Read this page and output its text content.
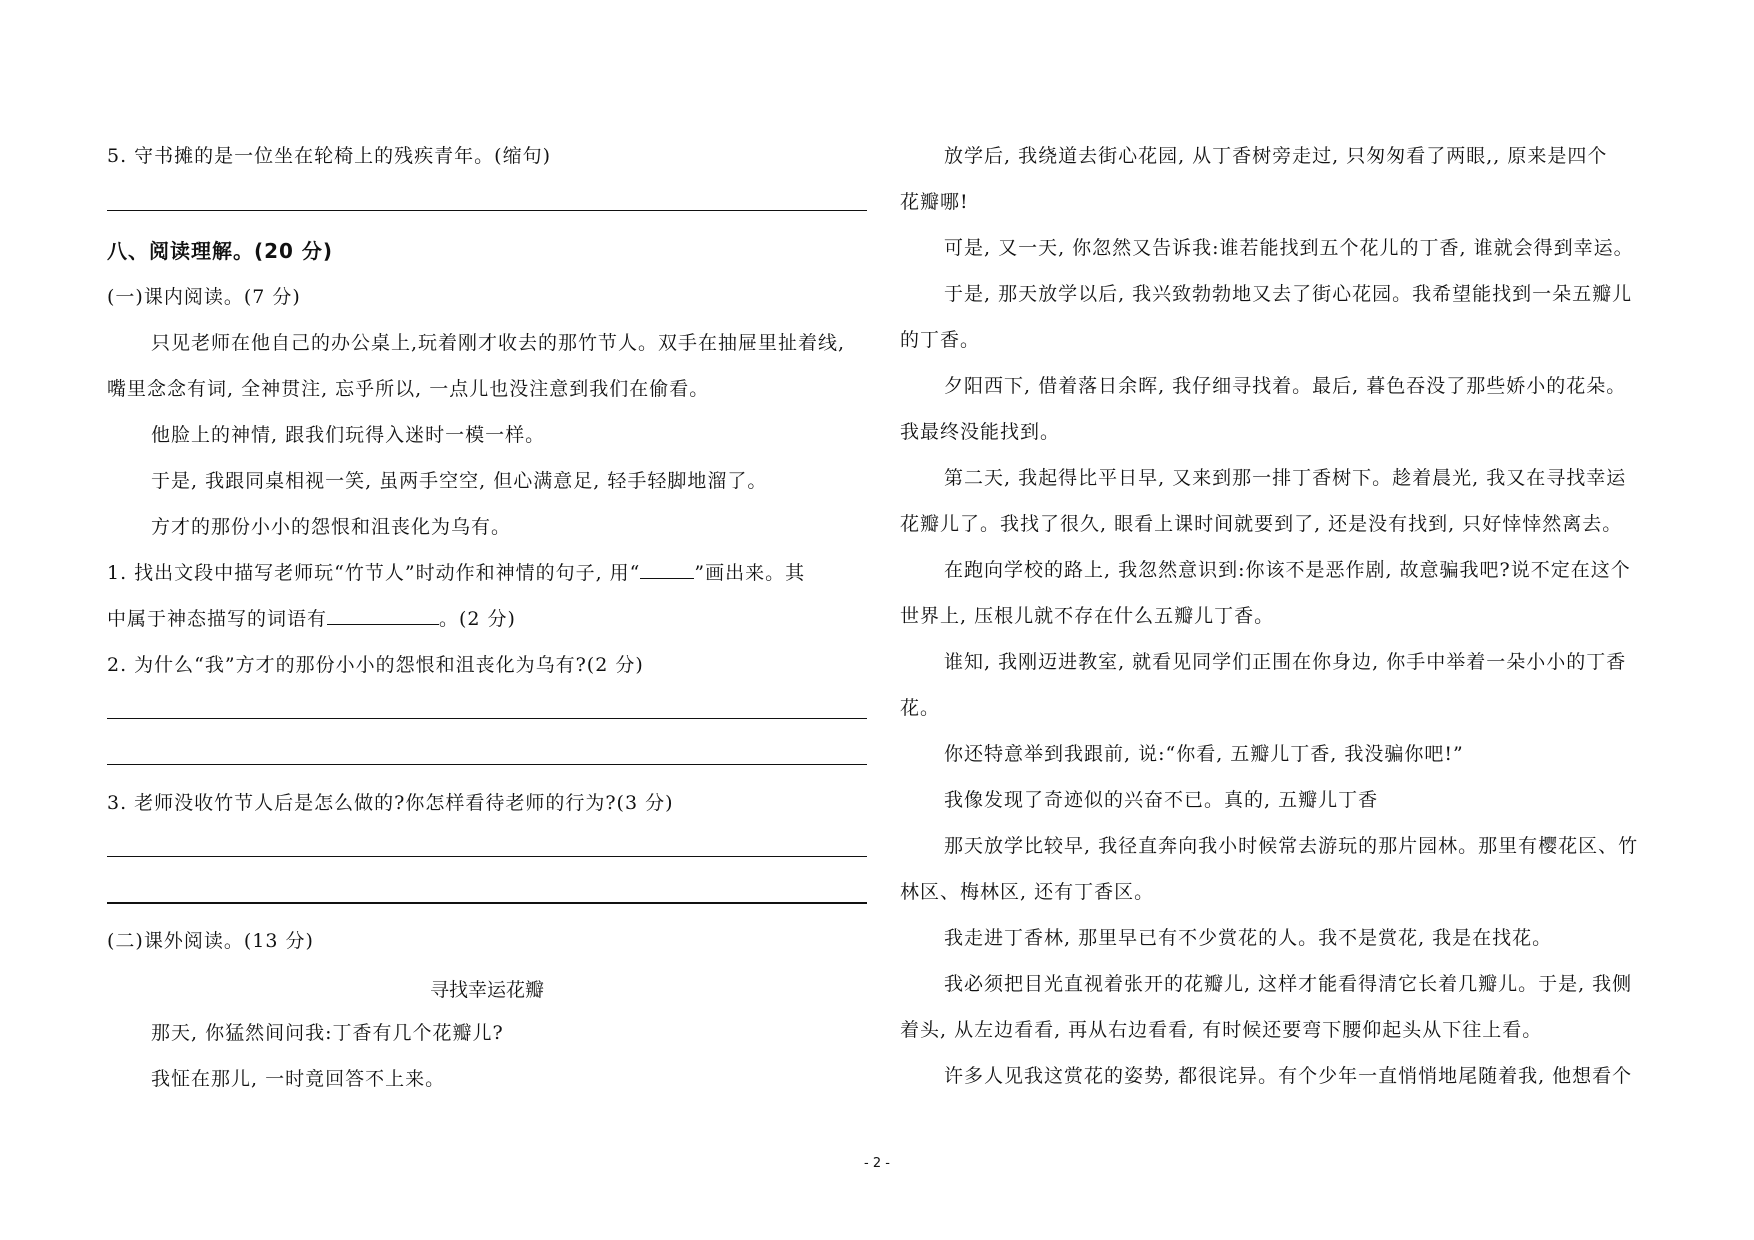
5. 守书摊的是一位坐在轮椅上的残疾青年。(缩句)
八、阅读理解。(20 分)
(一)课内阅读。(7 分)
只见老师在他自己的办公桌上,玩着刚才收去的那竹节人。双手在抽屉里扯着线,
嘴里念念有词, 全神贯注, 忘乎所以, 一点儿也没注意到我们在偷看。
他脸上的神情, 跟我们玩得入迷时一模一样。
于是, 我跟同桌相视一笑, 虽两手空空, 但心满意足, 轻手轻脚地溜了。
方才的那份小小的怨恨和沮丧化为乌有。
1. 找出文段中描写老师玩“竹节人”时动作和神情的句子, 用“	”画出来。其
中属于神态描写的词语有	。(2 分)
2. 为什么“我”方才的那份小小的怨恨和沮丧化为乌有?(2 分)
3. 老师没收竹节人后是怎么做的?你怎样看待老师的行为?(3 分)
(二)课外阅读。(13 分)
寻找幸运花瓣
那天, 你猛然间问我:丁香有几个花瓣儿?
我怔在那儿, 一时竟回答不上来。
放学后, 我绕道去街心花园, 从丁香树旁走过, 只匆匆看了两眼,, 原来是四个
花瓣哪!
可是, 又一天, 你忽然又告诉我:谁若能找到五个花儿的丁香, 谁就会得到幸运。
于是, 那天放学以后, 我兴致勃勃地又去了街心花园。我希望能找到一朵五瓣儿
的丁香。
夕阳西下, 借着落日余晖, 我仔细寻找着。最后, 暮色吞没了那些娇小的花朵。
我最终没能找到。
第二天, 我起得比平日早, 又来到那一排丁香树下。趁着晨光, 我又在寻找幸运
花瓣儿了。我找了很久, 眼看上课时间就要到了, 还是没有找到, 只好悻悻然离去。
在跑向学校的路上, 我忽然意识到:你该不是恶作剧, 故意骗我吧?说不定在这个
世界上, 压根儿就不存在什么五瓣儿丁香。
谁知, 我刚迈进教室, 就看见同学们正围在你身边, 你手中举着一朵小小的丁香
花。
你还特意举到我跟前, 说:“你看, 五瓣儿丁香, 我没骗你吧!”
我像发现了奇迹似的兴奋不已。真的, 五瓣儿丁香
那天放学比较早, 我径直奔向我小时候常去游玩的那片园林。那里有樱花区、竹
林区、梅林区, 还有丁香区。
我走进丁香林, 那里早已有不少赏花的人。我不是赏花, 我是在找花。
我必须把目光直视着张开的花瓣儿, 这样才能看得清它长着几瓣儿。于是, 我侧
着头, 从左边看看, 再从右边看看, 有时候还要弯下腰仰起头从下往上看。
许多人见我这赏花的姿势, 都很诧异。有个少年一直悄悄地尾随着我, 他想看个
- 2 -
